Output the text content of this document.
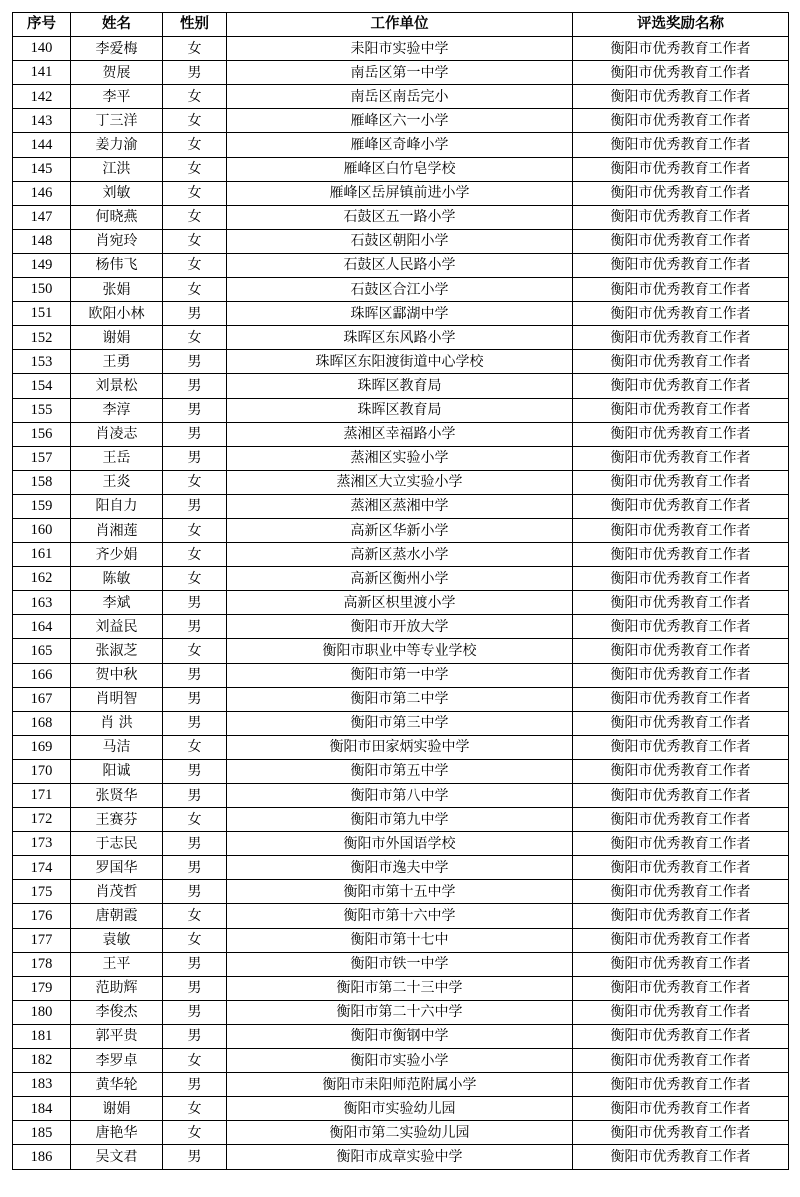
序号	姓名	性别	工作单位	评选奖励名称
140	李爱梅	女	耒阳市实验中学	衡阳市优秀教育工作者
141	贺展	男	南岳区第一中学	衡阳市优秀教育工作者
142	李平	女	南岳区南岳完小	衡阳市优秀教育工作者
143	丁三洋	女	雁峰区六一小学	衡阳市优秀教育工作者
144	姜力渝	女	雁峰区奇峰小学	衡阳市优秀教育工作者
145	江洪	女	雁峰区白竹皂学校	衡阳市优秀教育工作者
146	刘敏	女	雁峰区岳屏镇前进小学	衡阳市优秀教育工作者
147	何晓燕	女	石鼓区五一路小学	衡阳市优秀教育工作者
148	肖宛玲	女	石鼓区朝阳小学	衡阳市优秀教育工作者
149	杨伟飞	女	石鼓区人民路小学	衡阳市优秀教育工作者
150	张娟	女	石鼓区合江小学	衡阳市优秀教育工作者
151	欧阳小林	男	珠晖区酃湖中学	衡阳市优秀教育工作者
152	谢娟	女	珠晖区东风路小学	衡阳市优秀教育工作者
153	王勇	男	珠晖区东阳渡街道中心学校	衡阳市优秀教育工作者
154	刘景松	男	珠晖区教育局	衡阳市优秀教育工作者
155	李淳	男	珠晖区教育局	衡阳市优秀教育工作者
156	肖凌志	男	蒸湘区幸福路小学	衡阳市优秀教育工作者
157	王岳	男	蒸湘区实验小学	衡阳市优秀教育工作者
158	王炎	女	蒸湘区大立实验小学	衡阳市优秀教育工作者
159	阳自力	男	蒸湘区蒸湘中学	衡阳市优秀教育工作者
160	肖湘莲	女	高新区华新小学	衡阳市优秀教育工作者
161	齐少娟	女	高新区蒸水小学	衡阳市优秀教育工作者
162	陈敏	女	高新区衡州小学	衡阳市优秀教育工作者
163	李斌	男	高新区枳里渡小学	衡阳市优秀教育工作者
164	刘益民	男	衡阳市开放大学	衡阳市优秀教育工作者
165	张淑芝	女	衡阳市职业中等专业学校	衡阳市优秀教育工作者
166	贺中秋	男	衡阳市第一中学	衡阳市优秀教育工作者
167	肖明智	男	衡阳市第二中学	衡阳市优秀教育工作者
168	肖 洪	男	衡阳市第三中学	衡阳市优秀教育工作者
169	马洁	女	衡阳市田家炳实验中学	衡阳市优秀教育工作者
170	阳诚	男	衡阳市第五中学	衡阳市优秀教育工作者
171	张贤华	男	衡阳市第八中学	衡阳市优秀教育工作者
172	王赛芬	女	衡阳市第九中学	衡阳市优秀教育工作者
173	于志民	男	衡阳市外国语学校	衡阳市优秀教育工作者
174	罗国华	男	衡阳市逸夫中学	衡阳市优秀教育工作者
175	肖茂哲	男	衡阳市第十五中学	衡阳市优秀教育工作者
176	唐朝霞	女	衡阳市第十六中学	衡阳市优秀教育工作者
177	袁敏	女	衡阳市第十七中	衡阳市优秀教育工作者
178	王平	男	衡阳市铁一中学	衡阳市优秀教育工作者
179	范助辉	男	衡阳市第二十三中学	衡阳市优秀教育工作者
180	李俊杰	男	衡阳市第二十六中学	衡阳市优秀教育工作者
181	郭平贵	男	衡阳市衡钢中学	衡阳市优秀教育工作者
182	李罗卓	女	衡阳市实验小学	衡阳市优秀教育工作者
183	黄华轮	男	衡阳市耒阳师范附属小学	衡阳市优秀教育工作者
184	谢娟	女	衡阳市实验幼儿园	衡阳市优秀教育工作者
185	唐艳华	女	衡阳市第二实验幼儿园	衡阳市优秀教育工作者
186	吴文君	男	衡阳市成章实验中学	衡阳市优秀教育工作者
